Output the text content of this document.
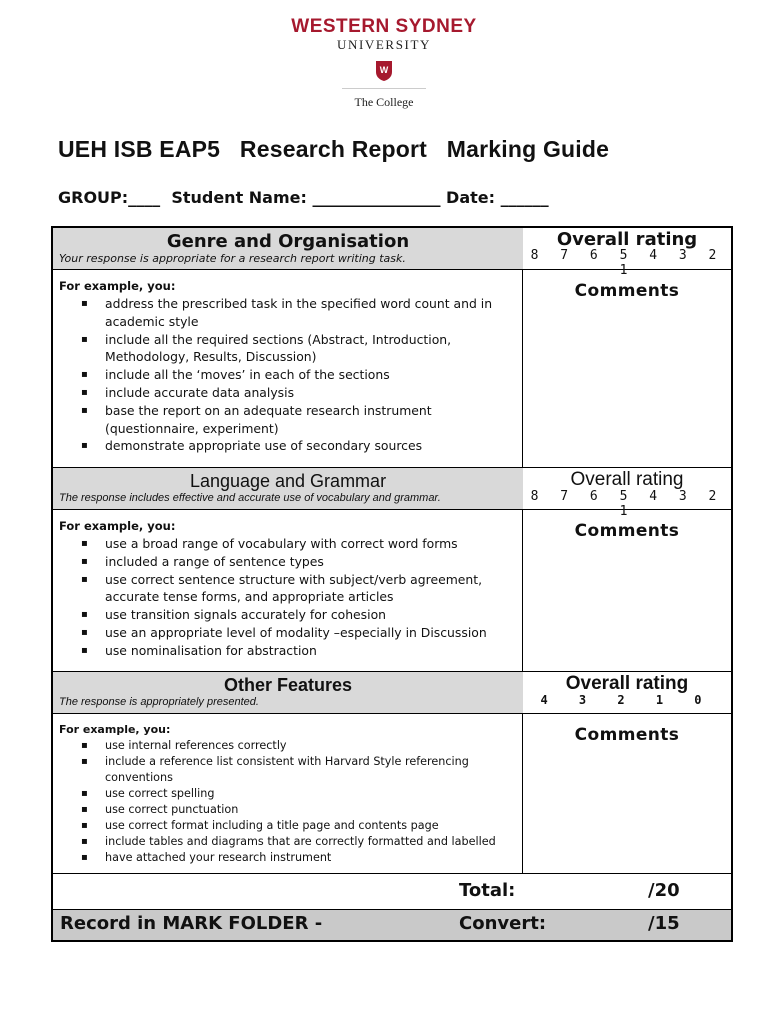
WESTERN SYDNEY
UNIVERSITY
W
The College
UEH ISB EAP5   Research Report   Marking Guide
GROUP:____  Student Name: ________________ Date: ______
Genre and Organisation
Your response is appropriate for a research report writing task.
Overall rating
8 7 6 5 4 3 2 1
For example, you:
▪ address the prescribed task in the specified word count and in academic style
▪ include all the required sections (Abstract, Introduction, Methodology, Results, Discussion)
▪ include all the ‘moves’ in each of the sections
▪ include accurate data analysis
▪ base the report on an adequate research instrument (questionnaire, experiment)
▪ demonstrate appropriate use of secondary sources
Comments
Language and Grammar
The response includes effective and accurate use of vocabulary and grammar.
Overall rating
8 7 6 5 4 3 2 1
For example, you:
▪ use a broad range of vocabulary with correct word forms
▪ included a range of sentence types
▪ use correct sentence structure with subject/verb agreement, accurate tense forms, and appropriate articles
▪ use transition signals accurately for cohesion
▪ use an appropriate level of modality –especially in Discussion
▪ use nominalisation for abstraction
Comments
Other Features
The response is appropriately presented.
Overall rating
4 3 2 1 0
For example, you:
▪ use internal references correctly
▪ include a reference list consistent with Harvard Style referencing conventions
▪ use correct spelling
▪ use correct punctuation
▪ use correct format including a title page and contents page
▪ include tables and diagrams that are correctly formatted and labelled
▪ have attached your research instrument
Comments
Total:	/20
Record in MARK FOLDER -	Convert:	/15
